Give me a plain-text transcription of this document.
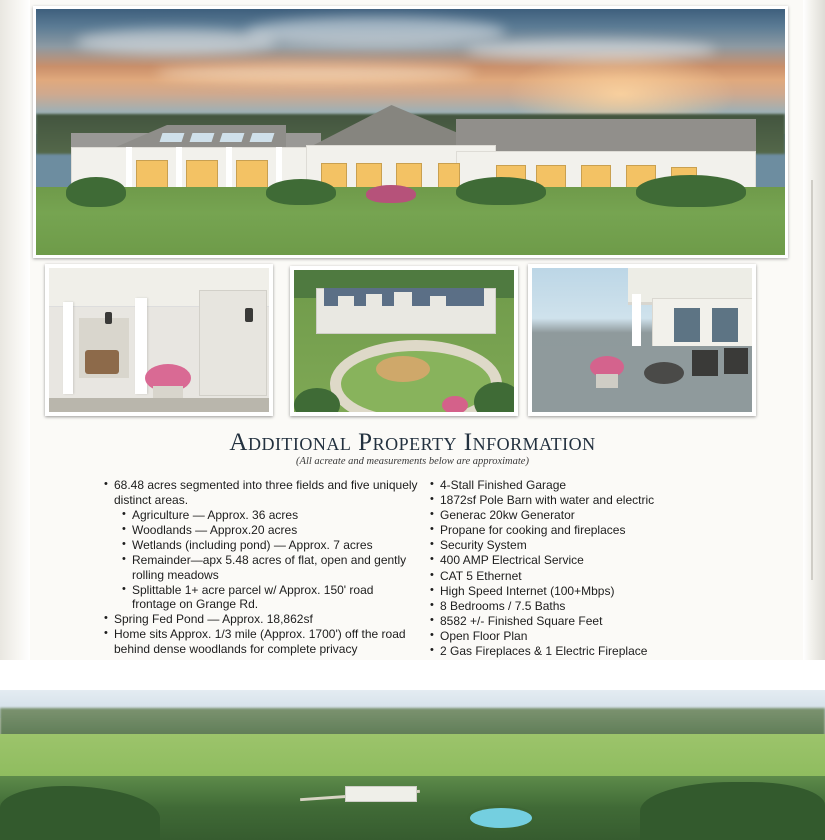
Additional Property Information
(All acreate and measurements below are approximate)
• 68.48 acres segmented into three fields and five uniquely distinct areas.
• Agriculture — Approx. 36 acres
• Woodlands — Approx.20 acres
• Wetlands (including pond) — Approx. 7 acres
• Remainder—apx 5.48 acres of flat, open and gently rolling meadows
• Splittable 1+ acre parcel w/ Approx. 150' road frontage on Grange Rd.
• Spring Fed Pond — Approx. 18,862sf
• Home sits Approx. 1/3 mile (Approx. 1700') off the road behind dense woodlands for complete privacy
• 4-Stall Finished Garage
• 1872sf Pole Barn with water and electric
• Generac 20kw Generator
• Propane for cooking and fireplaces
• Security System
• 400 AMP Electrical Service
• CAT 5 Ethernet
• High Speed Internet (100+Mbps)
• 8 Bedrooms / 7.5 Baths
• 8582 +/- Finished Square Feet
• Open Floor Plan
• 2 Gas Fireplaces & 1 Electric Fireplace
•
